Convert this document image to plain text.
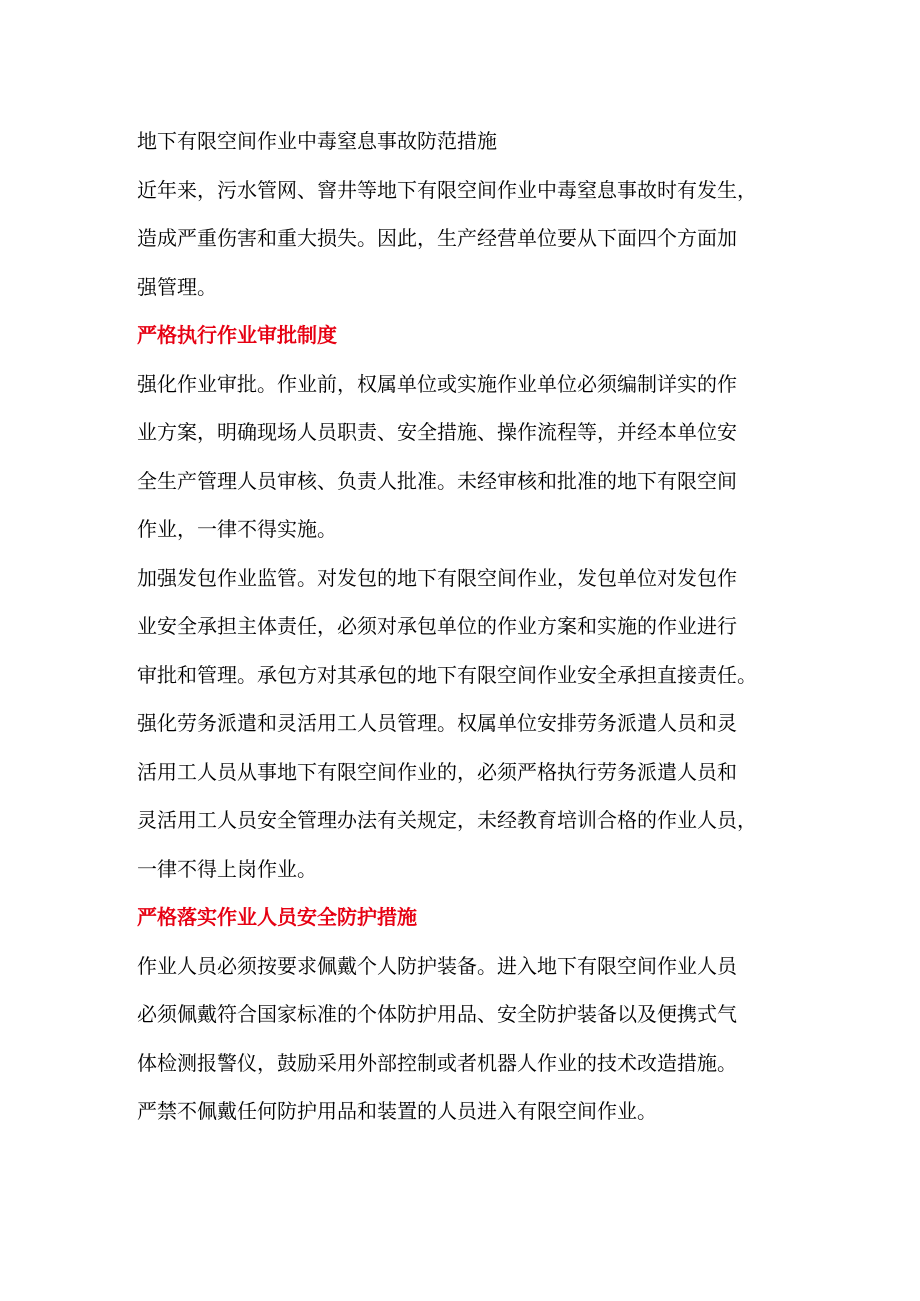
地下有限空间作业中毒窒息事故防范措施
近年来，污水管网、窨井等地下有限空间作业中毒窒息事故时有发生，
造成严重伤害和重大损失。因此，生产经营单位要从下面四个方面加
强管理。
严格执行作业审批制度
强化作业审批。作业前，权属单位或实施作业单位必须编制详实的作
业方案，明确现场人员职责、安全措施、操作流程等，并经本单位安
全生产管理人员审核、负责人批准。未经审核和批准的地下有限空间
作业，一律不得实施。
加强发包作业监管。对发包的地下有限空间作业，发包单位对发包作
业安全承担主体责任，必须对承包单位的作业方案和实施的作业进行
审批和管理。承包方对其承包的地下有限空间作业安全承担直接责任。
强化劳务派遣和灵活用工人员管理。权属单位安排劳务派遣人员和灵
活用工人员从事地下有限空间作业的，必须严格执行劳务派遣人员和
灵活用工人员安全管理办法有关规定，未经教育培训合格的作业人员，
一律不得上岗作业。
严格落实作业人员安全防护措施
作业人员必须按要求佩戴个人防护装备。进入地下有限空间作业人员
必须佩戴符合国家标准的个体防护用品、安全防护装备以及便携式气
体检测报警仪，鼓励采用外部控制或者机器人作业的技术改造措施。
严禁不佩戴任何防护用品和装置的人员进入有限空间作业。
